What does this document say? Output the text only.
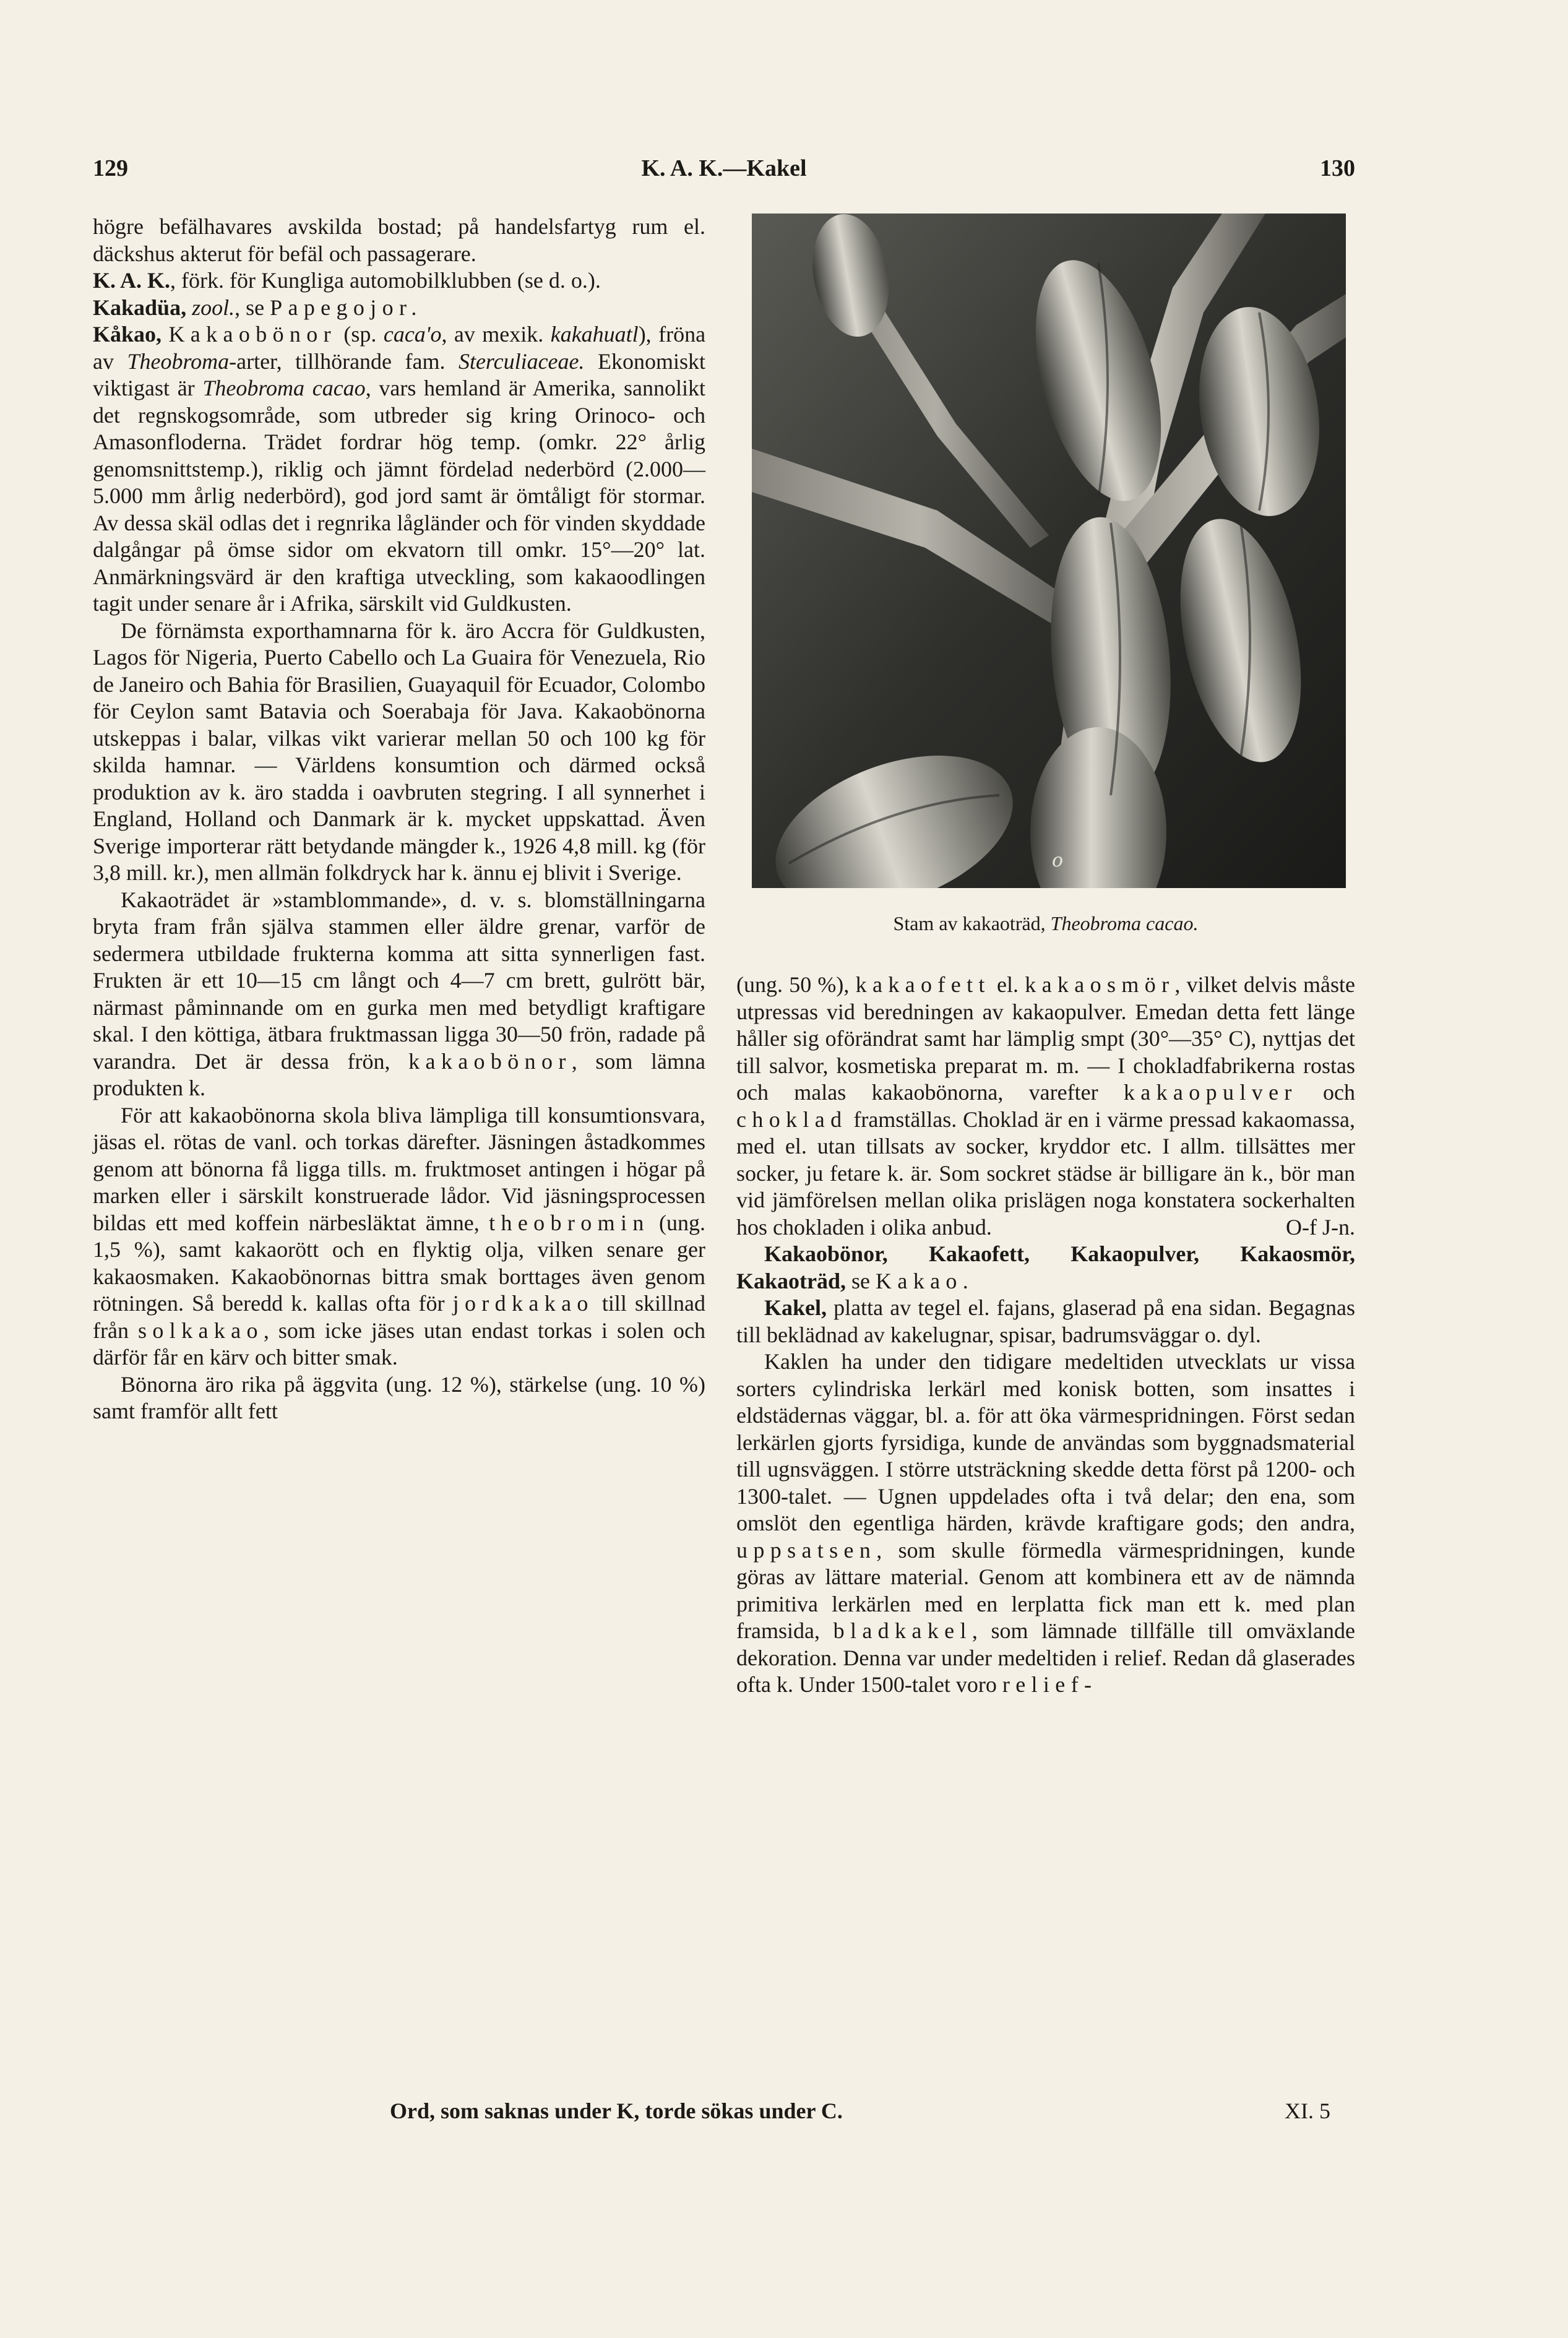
129	K. A. K.—Kakel	130

högre befälhavares avskilda bostad; på handelsfartyg rum el. däckshus akterut för befäl och passagerare.

K. A. K., förk. för Kungliga automobilklubben (se d. o.).

Kakadüa, zool., se Papegojor.

Kåkao, Kakaobönor (sp. caca'o, av mexik. kakahuatl), fröna av Theobroma-arter, tillhörande fam. Sterculiaceae. Ekonomiskt viktigast är Theobroma cacao, vars hemland är Amerika, sannolikt det regnskogsområde, som utbreder sig kring Orinoco- och Amasonfloderna. Trädet fordrar hög temp. (omkr. 22° årlig genomsnittstemp.), riklig och jämnt fördelad nederbörd (2.000—5.000 mm årlig nederbörd), god jord samt är ömtåligt för stormar. Av dessa skäl odlas det i regnrika lågländer och för vinden skyddade dalgångar på ömse sidor om ekvatorn till omkr. 15°—20° lat. Anmärkningsvärd är den kraftiga utveckling, som kakaoodlingen tagit under senare år i Afrika, särskilt vid Guldkusten.

De förnämsta exporthamnarna för k. äro Accra för Guldkusten, Lagos för Nigeria, Puerto Cabello och La Guaira för Venezuela, Rio de Janeiro och Bahia för Brasilien, Guayaquil för Ecuador, Colombo för Ceylon samt Batavia och Soerabaja för Java. Kakaobönorna utskeppas i balar, vilkas vikt varierar mellan 50 och 100 kg för skilda hamnar. — Världens konsumtion och därmed också produktion av k. äro stadda i oavbruten stegring. I all synnerhet i England, Holland och Danmark är k. mycket uppskattad. Även Sverige importerar rätt betydande mängder k., 1926 4,8 mill. kg (för 3,8 mill. kr.), men allmän folkdryck har k. ännu ej blivit i Sverige.

Kakaoträdet är »stamblommande», d. v. s. blomställningarna bryta fram från själva stammen eller äldre grenar, varför de sedermera utbildade frukterna komma att sitta synnerligen fast. Frukten är ett 10—15 cm långt och 4—7 cm brett, gulrött bär, närmast påminnande om en gurka men med betydligt kraftigare skal. I den köttiga, ätbara fruktmassan ligga 30—50 frön, radade på varandra. Det är dessa frön, kakaobönor, som lämna produkten k.

För att kakaobönorna skola bliva lämpliga till konsumtionsvara, jäsas el. rötas de vanl. och torkas därefter. Jäsningen åstadkommes genom att bönorna få ligga tills. m. fruktmoset antingen i högar på marken eller i särskilt konstruerade lådor. Vid jäsningsprocessen bildas ett med koffein närbesläktat ämne, theobromin (ung. 1,5 %), samt kakaorött och en flyktig olja, vilken senare ger kakaosmaken. Kakaobönornas bittra smak borttages även genom rötningen. Så beredd k. kallas ofta för jordkakao till skillnad från solkakao, som icke jäses utan endast torkas i solen och därför får en kärv och bitter smak.

Bönorna äro rika på äggvita (ung. 12 %), stärkelse (ung. 10 %) samt framför allt fett

o
Stam av kakaoträd, Theobroma cacao.

(ung. 50 %), kakaofett el. kakaosmör, vilket delvis måste utpressas vid beredningen av kakaopulver. Emedan detta fett länge håller sig oförändrat samt har lämplig smpt (30°—35° C), nyttjas det till salvor, kosmetiska preparat m. m. — I chokladfabrikerna rostas och malas kakaobönorna, varefter kakaopulver och choklad framställas. Choklad är en i värme pressad kakaomassa, med el. utan tillsats av socker, kryddor etc. I allm. tillsättes mer socker, ju fetare k. är. Som sockret städse är billigare än k., bör man vid jämförelsen mellan olika prislägen noga konstatera sockerhalten hos chokladen i olika anbud.	O-f J-n.

Kakaobönor, Kakaofett, Kakaopulver, Kakaosmör, Kakaoträd, se Kakao.

Kakel, platta av tegel el. fajans, glaserad på ena sidan. Begagnas till beklädnad av kakelugnar, spisar, badrumsväggar o. dyl.

Kaklen ha under den tidigare medeltiden utvecklats ur vissa sorters cylindriska lerkärl med konisk botten, som insattes i eldstädernas väggar, bl. a. för att öka värmespridningen. Först sedan lerkärlen gjorts fyrsidiga, kunde de användas som byggnadsmaterial till ugnsväggen. I större utsträckning skedde detta först på 1200- och 1300-talet. — Ugnen uppdelades ofta i två delar; den ena, som omslöt den egentliga härden, krävde kraftigare gods; den andra, uppsatsen, som skulle förmedla värmespridningen, kunde göras av lättare material. Genom att kombinera ett av de nämnda primitiva lerkärlen med en lerplatta fick man ett k. med plan framsida, bladkakel, som lämnade tillfälle till omväxlande dekoration. Denna var under medeltiden i relief. Redan då glaserades ofta k. Under 1500-talet voro relief-

Ord, som saknas under K, torde sökas under C.	XI. 5
